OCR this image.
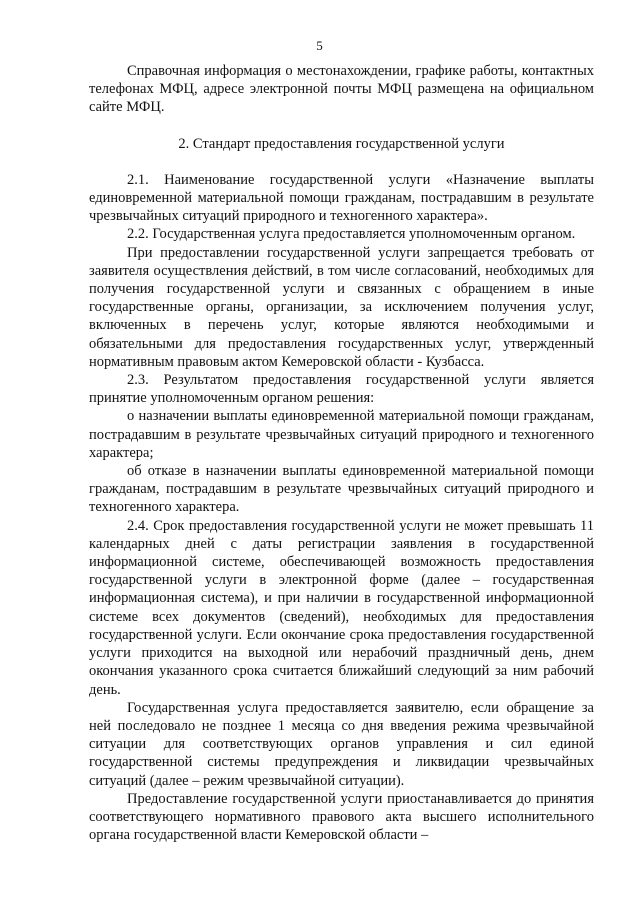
5

Справочная информация о местонахождении, графике работы, контактных телефонах МФЦ, адресе электронной почты МФЦ размещена на официальном сайте МФЦ.

2. Стандарт предоставления государственной услуги

2.1. Наименование государственной услуги «Назначение выплаты единовременной материальной помощи гражданам, пострадавшим в результате чрезвычайных ситуаций природного и техногенного характера».

2.2. Государственная услуга предоставляется уполномоченным органом.

При предоставлении государственной услуги запрещается требовать от заявителя осуществления действий, в том числе согласований, необходимых для получения государственной услуги и связанных с обращением в иные государственные органы, организации, за исключением получения услуг, включенных в перечень услуг, которые являются необходимыми и обязательными для предоставления государственных услуг, утвержденный нормативным правовым актом Кемеровской области - Кузбасса.

2.3. Результатом предоставления государственной услуги является принятие уполномоченным органом решения:

о назначении выплаты единовременной материальной помощи гражданам, пострадавшим в результате чрезвычайных ситуаций природного и техногенного характера;

об отказе в назначении выплаты единовременной материальной помощи гражданам, пострадавшим в результате чрезвычайных ситуаций природного и техногенного характера.

2.4. Срок предоставления государственной услуги не может превышать 11 календарных дней с даты регистрации заявления в государственной информационной системе, обеспечивающей возможность предоставления государственной услуги в электронной форме (далее – государственная информационная система), и при наличии в государственной информационной системе всех документов (сведений), необходимых для предоставления государственной услуги. Если окончание срока предоставления государственной услуги приходится на выходной или нерабочий праздничный день, днем окончания указанного срока считается ближайший следующий за ним рабочий день.

Государственная услуга предоставляется заявителю, если обращение за ней последовало не позднее 1 месяца со дня введения режима чрезвычайной ситуации для соответствующих органов управления и сил единой государственной системы предупреждения и ликвидации чрезвычайных ситуаций (далее – режим чрезвычайной ситуации).

Предоставление государственной услуги приостанавливается до принятия соответствующего нормативного правового акта высшего исполнительного органа государственной власти Кемеровской области –
